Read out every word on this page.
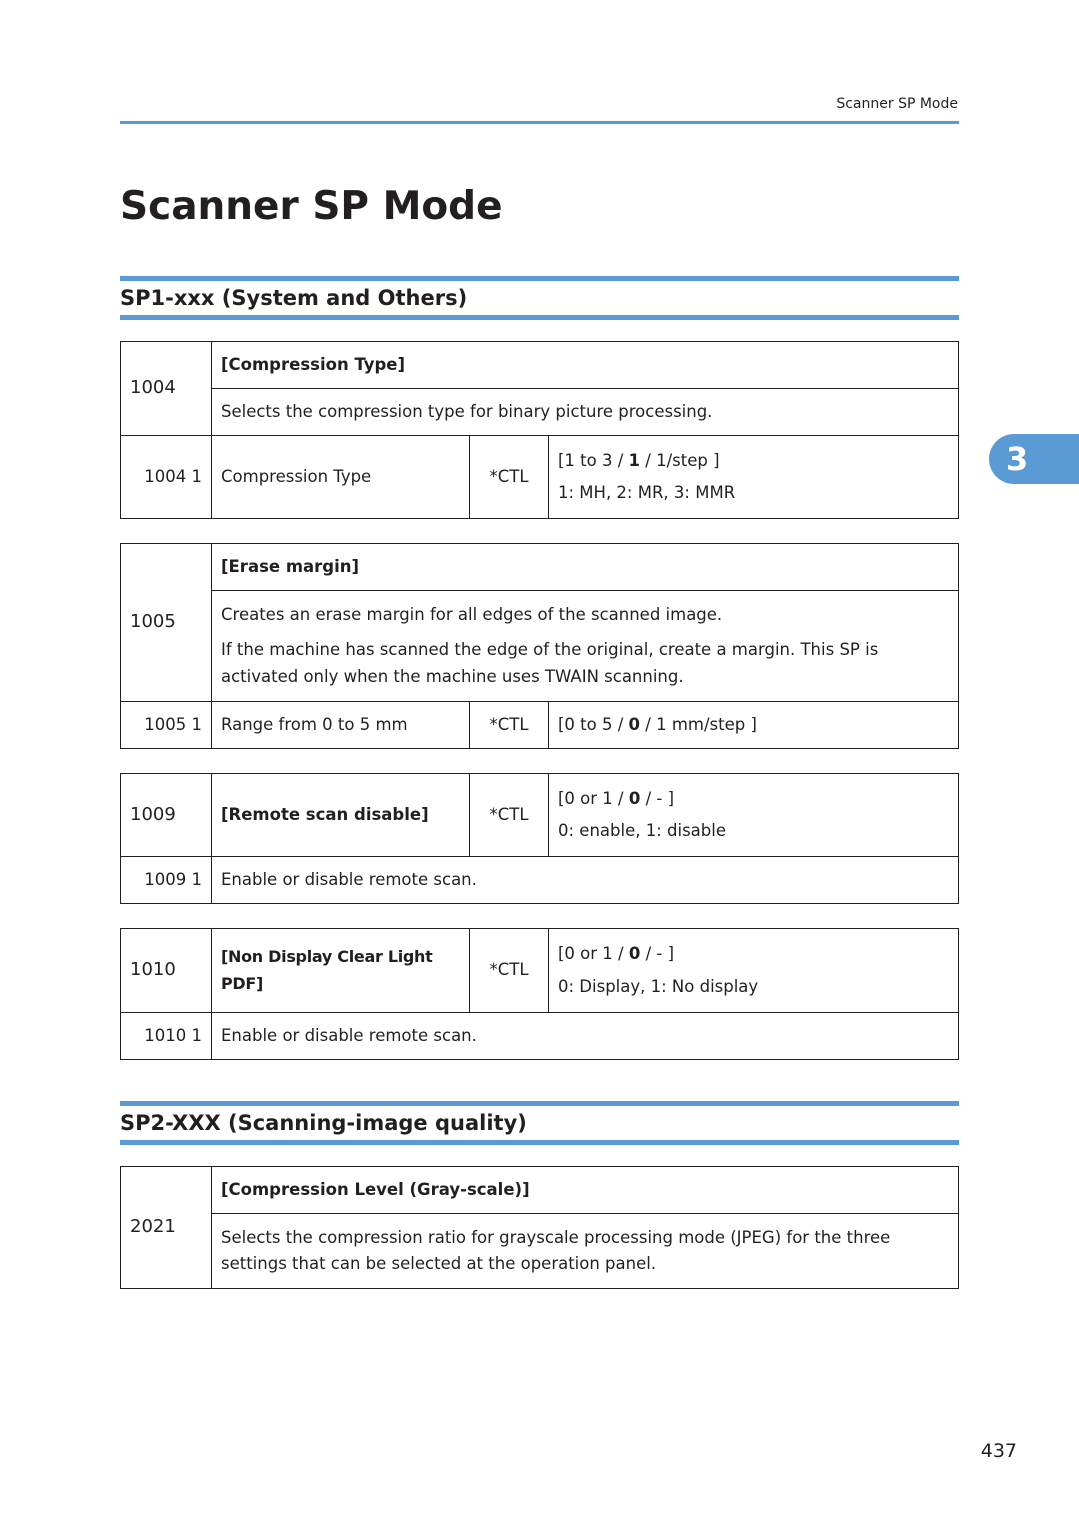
Scanner SP Mode
Scanner SP Mode
SP1-xxx (System and Others)
1004	[Compression Type]		
	Selects the compression type for binary picture processing.		
1004 1	Compression Type	*CTL	[1 to 3 / 1 / 1/step ]
1: MH, 2: MR, 3: MMR
1005	[Erase margin]		

	Creates an erase margin for all edges of the scanned image.

If the machine has scanned the edge of the original, create a margin. This SP is activated only when the machine uses TWAIN scanning.		

1005 1	Range from 0 to 5 mm	*CTL	[0 to 5 / 0 / 1 mm/step ]
1009	[Remote scan disable]	*CTL	[0 or 1 / 0 / - ]
0: enable, 1: disable

1009 1	Enable or disable remote scan.		
1010	[Non Display Clear Light PDF]	*CTL	[0 or 1 / 0 / - ]
0: Display, 1: No display

1010 1	Enable or disable remote scan.		
SP2-XXX (Scanning-image quality)
2021	[Compression Level (Gray-scale)]
Selects the compression ratio for grayscale processing mode (JPEG) for the three settings that can be selected at the operation panel.
3
437
